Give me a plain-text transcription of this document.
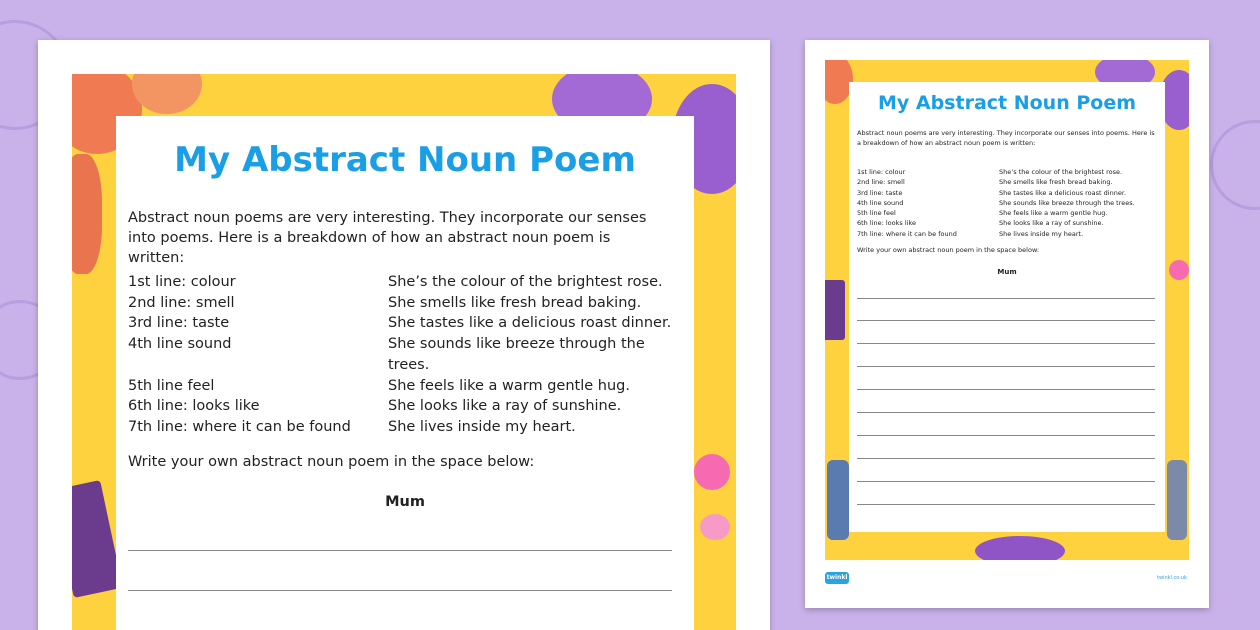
My Abstract Noun Poem
Abstract noun poems are very interesting. They incorporate our senses into poems. Here is a breakdown of how an abstract noun poem is written:
1st line: colour	She’s the colour of the brightest rose.
2nd line: smell	She smells like fresh bread baking.
3rd line: taste	She tastes like a delicious roast dinner.
4th line sound	She sounds like breeze through the trees.
5th line feel	She feels like a warm gentle hug.
6th line: looks like	She looks like a ray of sunshine.
7th line: where it can be found	She lives inside my heart.
Write your own abstract noun poem in the space below:
Mum
My Abstract Noun Poem
Abstract noun poems are very interesting. They incorporate our senses into poems. Here is a breakdown of how an abstract noun poem is written:
1st line: colour	She’s the colour of the brightest rose.
2nd line: smell	She smells like fresh bread baking.
3rd line: taste	She tastes like a delicious roast dinner.
4th line sound	She sounds like breeze through the trees.
5th line feel	She feels like a warm gentle hug.
6th line: looks like	She looks like a ray of sunshine.
7th line: where it can be found	She lives inside my heart.
Write your own abstract noun poem in the space below:
Mum
twinkl	twinkl.co.uk
